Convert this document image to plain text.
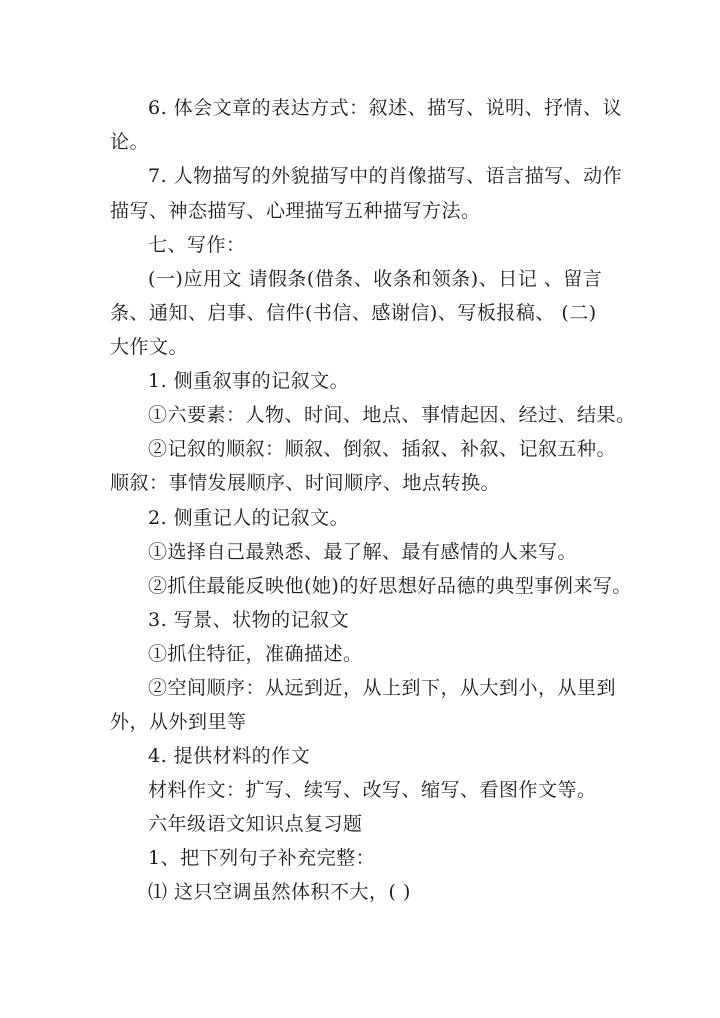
6. 体会文章的表达方式：叙述、描写、说明、抒情、议
论。
7. 人物描写的外貌描写中的肖像描写、语言描写、动作
描写、神态描写、心理描写五种描写方法。
七、写作：
(一)应用文 请假条(借条、收条和领条)、日记 、留言
条、通知、启事、信件(书信、感谢信)、写板报稿、 (二)
大作文。
1. 侧重叙事的记叙文。
①六要素：人物、时间、地点、事情起因、经过、结果。
②记叙的顺叙：顺叙、倒叙、插叙、补叙、记叙五种。
顺叙：事情发展顺序、时间顺序、地点转换。
2. 侧重记人的记叙文。
①选择自己最熟悉、最了解、最有感情的人来写。
②抓住最能反映他(她)的好思想好品德的典型事例来写。
3. 写景、状物的记叙文
①抓住特征，准确描述。
②空间顺序：从远到近，从上到下，从大到小，从里到
外，从外到里等
4. 提供材料的作文
材料作文：扩写、续写、改写、缩写、看图作文等。
六年级语文知识点复习题
1、把下列句子补充完整：
⑴ 这只空调虽然体积不大，( )
